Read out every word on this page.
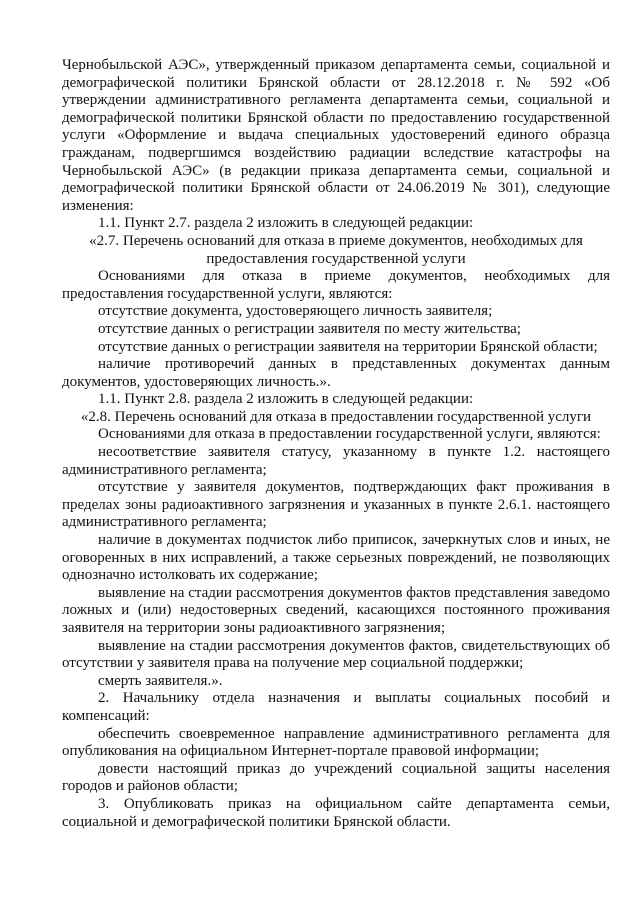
Чернобыльской АЭС», утвержденный приказом департамента семьи, социальной и демографической политики Брянской области от 28.12.2018 г. № 592 «Об утверждении административного регламента департамента семьи, социальной и демографической политики Брянской области по предоставлению государственной услуги «Оформление и выдача специальных удостоверений единого образца гражданам, подвергшимся воздействию радиации вследствие катастрофы на Чернобыльской АЭС» (в редакции приказа департамента семьи, социальной и демографической политики Брянской области от 24.06.2019 № 301), следующие изменения:

1.1. Пункт 2.7. раздела 2 изложить в следующей редакции:

«2.7. Перечень оснований для отказа в приеме документов, необходимых для предоставления государственной услуги

Основаниями для отказа в приеме документов, необходимых для предоставления государственной услуги, являются:

отсутствие документа, удостоверяющего личность заявителя;

отсутствие данных о регистрации заявителя по месту жительства;

отсутствие данных о регистрации заявителя на территории Брянской области;

наличие противоречий данных в представленных документах данным документов, удостоверяющих личность.».

1.1. Пункт 2.8. раздела 2 изложить в следующей редакции:

«2.8. Перечень оснований для отказа в предоставлении государственной услуги

Основаниями для отказа в предоставлении государственной услуги, являются:

несоответствие заявителя статусу, указанному в пункте 1.2. настоящего административного регламента;

отсутствие у заявителя документов, подтверждающих факт проживания в пределах зоны радиоактивного загрязнения и указанных в пункте 2.6.1. настоящего административного регламента;

наличие в документах подчисток либо приписок, зачеркнутых слов и иных, не оговоренных в них исправлений, а также серьезных повреждений, не позволяющих однозначно истолковать их содержание;

выявление на стадии рассмотрения документов фактов представления заведомо ложных и (или) недостоверных сведений, касающихся постоянного проживания заявителя на территории зоны радиоактивного загрязнения;

выявление на стадии рассмотрения документов фактов, свидетельствующих об отсутствии у заявителя права на получение мер социальной поддержки;

смерть заявителя.».

2. Начальнику отдела назначения и выплаты социальных пособий и компенсаций:

обеспечить своевременное направление административного регламента для опубликования на официальном Интернет-портале правовой информации;

довести настоящий приказ до учреждений социальной защиты населения городов и районов области;

3. Опубликовать приказ на официальном сайте департамента семьи, социальной и демографической политики Брянской области.
